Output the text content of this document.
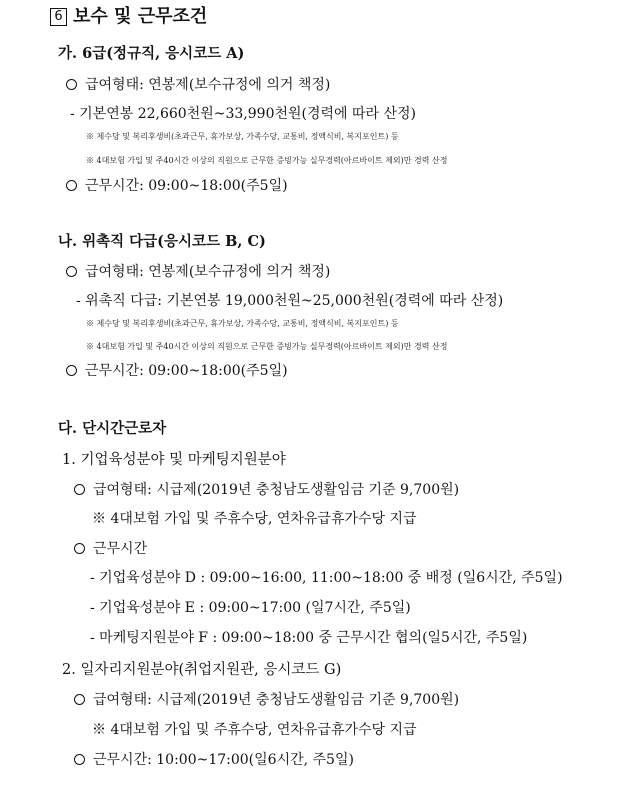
6 보수 및 근무조건
가. 6급(정규직, 응시코드 A)
급여형태: 연봉제(보수규정에 의거 책정)
- 기본연봉 22,660천원~33,990천원(경력에 따라 산정)
※ 제수당 및 복리후생비(초과근무, 휴가보상, 가족수당, 교통비, 정액식비, 복지포인트) 등
※ 4대보험 가입 및 주40시간 이상의 직원으로 근무한 증빙가능 실무경력(아르바이트 제외)만 경력 산정
근무시간: 09:00~18:00(주5일)
나. 위촉직 다급(응시코드 B, C)
급여형태: 연봉제(보수규정에 의거 책정)
- 위촉직 다급: 기본연봉 19,000천원~25,000천원(경력에 따라 산정)
※ 제수당 및 복리후생비(초과근무, 휴가보상, 가족수당, 교통비, 정액식비, 복지포인트) 등
※ 4대보험 가입 및 주40시간 이상의 직원으로 근무한 증빙가능 실무경력(아르바이트 제외)만 경력 산정
근무시간: 09:00~18:00(주5일)
다. 단시간근로자
1. 기업육성분야 및 마케팅지원분야
급여형태: 시급제(2019년 충청남도생활임금 기준 9,700원)
※ 4대보험 가입 및 주휴수당, 연차유급휴가수당 지급
근무시간
- 기업육성분야 D : 09:00~16:00, 11:00~18:00 중 배정 (일6시간, 주5일)
- 기업육성분야 E : 09:00~17:00 (일7시간, 주5일)
- 마케팅지원분야 F : 09:00~18:00 중 근무시간 협의(일5시간, 주5일)
2. 일자리지원분야(취업지원관, 응시코드 G)
급여형태: 시급제(2019년 충청남도생활임금 기준 9,700원)
※ 4대보험 가입 및 주휴수당, 연차유급휴가수당 지급
근무시간: 10:00~17:00(일6시간, 주5일)
